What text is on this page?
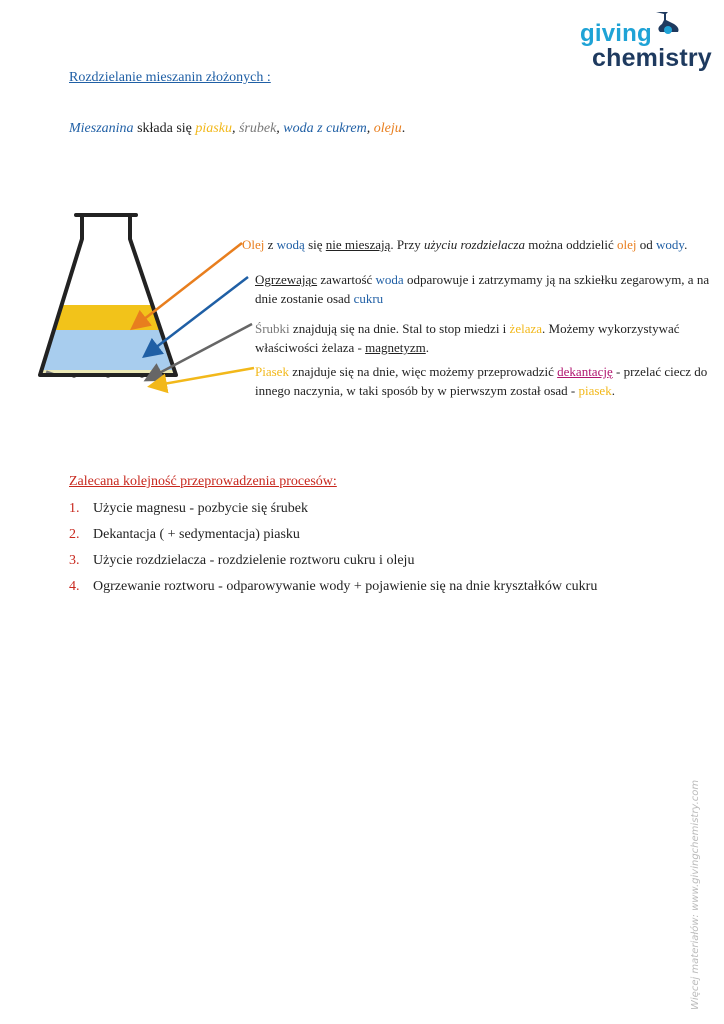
giving
chemistry
Rozdzielanie mieszanin złożonych :
Mieszanina składa się piasku, śrubek, woda z cukrem, oleju.
Olej z wodą się nie mieszają. Przy użyciu rozdzielacza można oddzielić olej od wody.
Ogrzewając zawartość woda odparowuje i zatrzymamy ją na szkiełku zegarowym, a na dnie zostanie osad cukru
Śrubki znajdują się na dnie. Stal to stop miedzi i żelaza. Możemy wykorzystywać właściwości żelaza - magnetyzm.
Piasek znajduje się na dnie, więc możemy przeprowadzić dekantację - przelać ciecz do innego naczynia, w taki sposób by w pierwszym został osad - piasek.
Zalecana kolejność przeprowadzenia procesów:
1. Użycie magnesu - pozbycie się śrubek
2. Dekantacja ( + sedymentacja) piasku
3. Użycie rozdzielacza - rozdzielenie roztworu cukru i oleju
4. Ogrzewanie roztworu - odparowywanie wody + pojawienie się na dnie kryształków cukru
Więcej materiałów: www.givingchemistry.com
